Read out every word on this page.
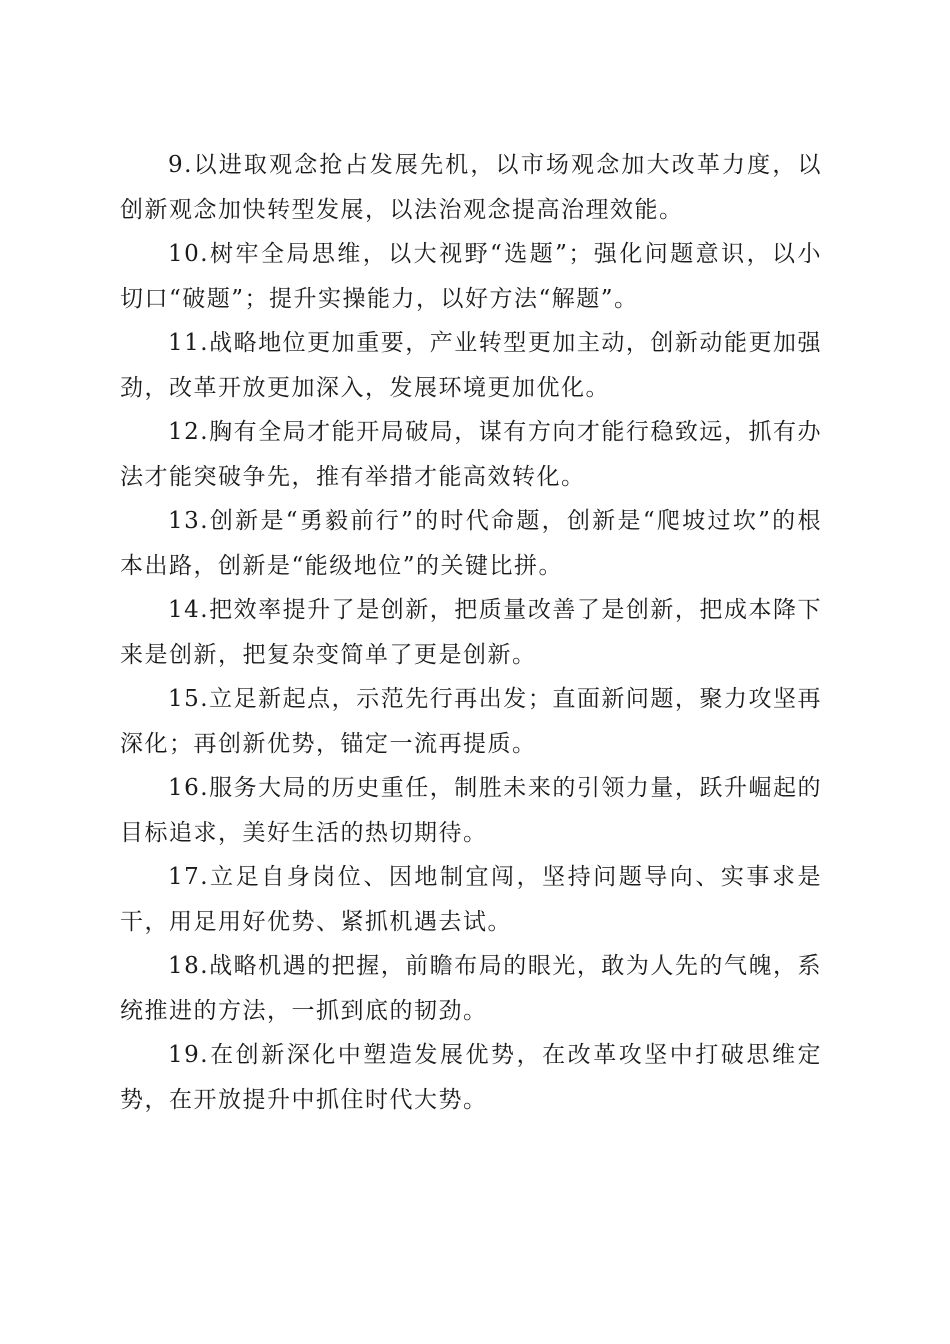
9.以进取观念抢占发展先机，以市场观念加大改革力度，以创新观念加快转型发展，以法治观念提高治理效能。

10.树牢全局思维，以大视野“选题”；强化问题意识，以小切口“破题”；提升实操能力，以好方法“解题”。

11.战略地位更加重要，产业转型更加主动，创新动能更加强劲，改革开放更加深入，发展环境更加优化。

12.胸有全局才能开局破局，谋有方向才能行稳致远，抓有办法才能突破争先，推有举措才能高效转化。

13.创新是“勇毅前行”的时代命题，创新是“爬坡过坎”的根本出路，创新是“能级地位”的关键比拼。

14.把效率提升了是创新，把质量改善了是创新，把成本降下来是创新，把复杂变简单了更是创新。

15.立足新起点，示范先行再出发；直面新问题，聚力攻坚再深化；再创新优势，锚定一流再提质。

16.服务大局的历史重任，制胜未来的引领力量，跃升崛起的目标追求，美好生活的热切期待。

17.立足自身岗位、因地制宜闯，坚持问题导向、实事求是干，用足用好优势、紧抓机遇去试。

18.战略机遇的把握，前瞻布局的眼光，敢为人先的气魄，系统推进的方法，一抓到底的韧劲。

19.在创新深化中塑造发展优势，在改革攻坚中打破思维定势，在开放提升中抓住时代大势。
